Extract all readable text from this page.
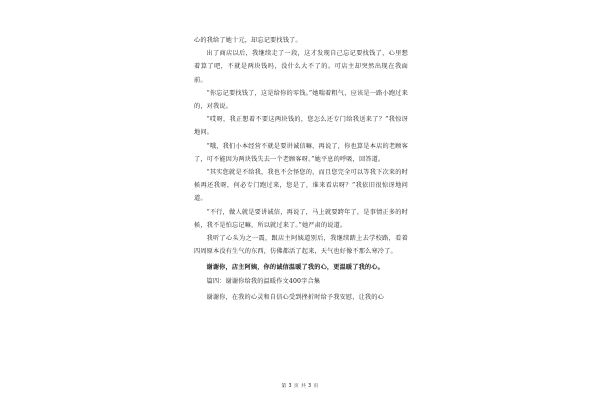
心的我给了她十元，却忘记要找钱了。

出了商店以后，我继续走了一段，这才发现自己忘记要找钱了，心里想着算了吧，不就是两块钱吗，没什么大不了的。可店主却突然出现在我面前。

“你忘记要找钱了，这是给你的零钱。”她喘着粗气，应该是一路小跑过来的，对我说。

“哎呀，我正想着不要这两块钱的，您怎么还专门给我送来了？”我惊讶地问。

“哦，我们小本经营不就是要讲诚信嘛，再说了，你也算是本店的老顾客了，可不能因为两块钱失去一个老顾客呀。”她平息的呼吸，回答道。

“其实您就是不给我，我也不会怪您的，而且您完全可以等我下次来的时候再还我呀，何必专门跑过来，您是了，谁来看店呀？”我依旧很惊讶地问道。

“不行，做人就是要讲诚信，再说了，马上就要跨年了，是事情正多的时候，我不是怕忘记嘛，所以就过来了。”她严肃的说道。

我听了心头为之一震，跟店主阿姨道别后，我继续踏上去学校路，看着四周原本没有生气的东西，仿佛都活了起来，天气也好像不那么寒冷了。

谢谢你，店主阿姨，你的诚信温暖了我的心，更温暖了我的心。

篇四：谢谢你给我的温暖作文400字合集

谢谢你，在我的心灵和自信心受到挫折时给予我安慰，让我的心

第 3 页 共 3 页
